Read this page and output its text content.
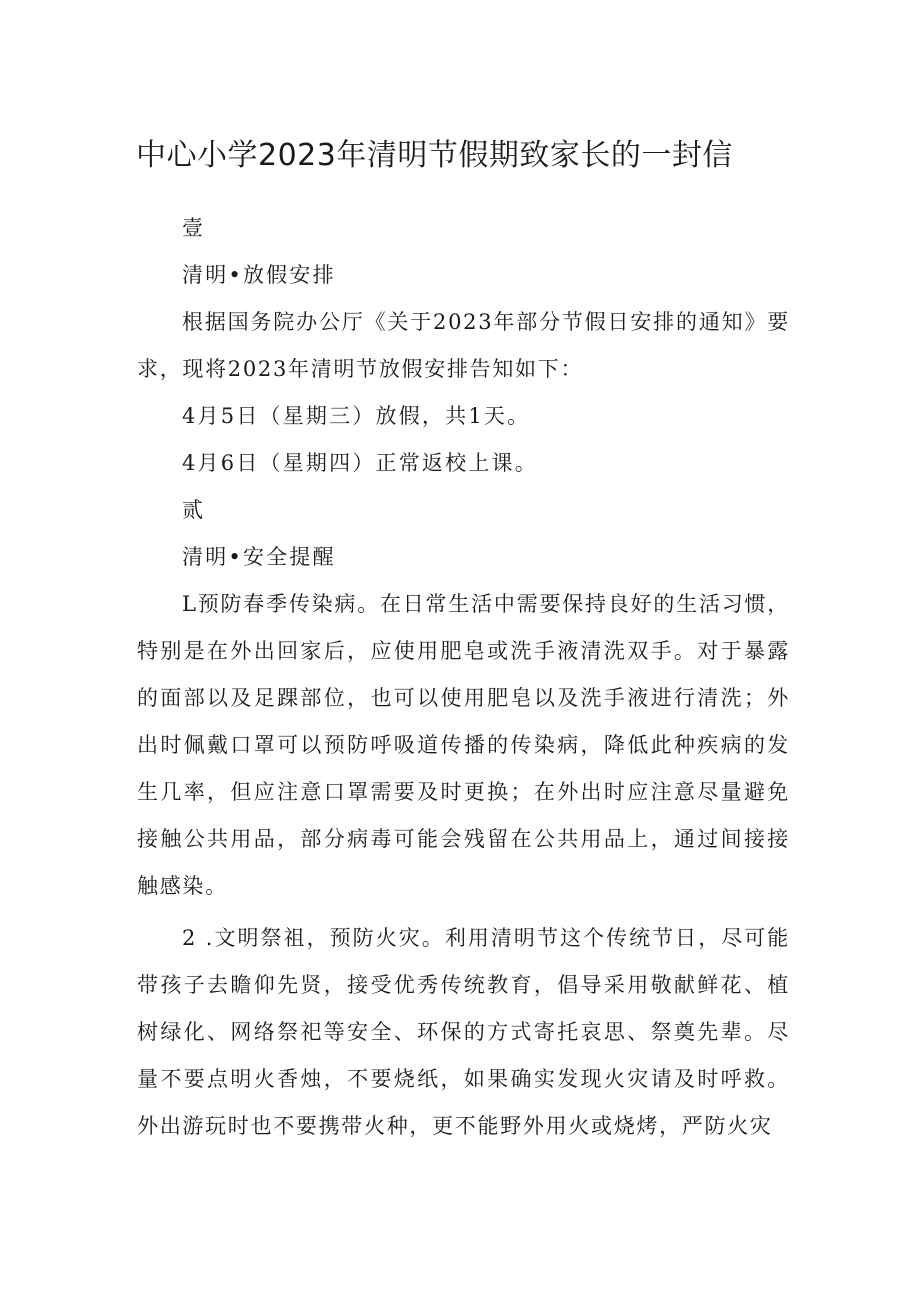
中心小学2023年清明节假期致家长的一封信

壹

清明•放假安排

根据国务院办公厅《关于2023年部分节假日安排的通知》要求，现将2023年清明节放假安排告知如下：

4月5日（星期三）放假，共1天。

4月6日（星期四）正常返校上课。

贰

清明•安全提醒

L预防春季传染病。在日常生活中需要保持良好的生活习惯，特别是在外出回家后，应使用肥皂或洗手液清洗双手。对于暴露的面部以及足踝部位，也可以使用肥皂以及洗手液进行清洗；外出时佩戴口罩可以预防呼吸道传播的传染病，降低此种疾病的发生几率，但应注意口罩需要及时更换；在外出时应注意尽量避免接触公共用品，部分病毒可能会残留在公共用品上，通过间接接触感染。

2 .文明祭祖，预防火灾。利用清明节这个传统节日，尽可能带孩子去瞻仰先贤，接受优秀传统教育，倡导采用敬献鲜花、植树绿化、网络祭祀等安全、环保的方式寄托哀思、祭奠先辈。尽量不要点明火香烛，不要烧纸，如果确实发现火灾请及时呼救。外出游玩时也不要携带火种，更不能野外用火或烧烤，严防火灾
